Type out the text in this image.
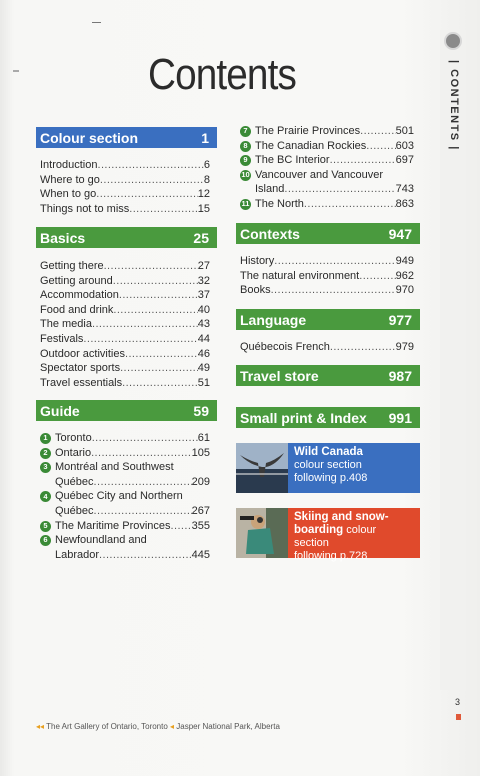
| CONTENTS |
Contents
Colour section	1
Introduction .....	6
Where to go .....	8
When to go .....	12
Things not to miss .....	15
Basics	25
Getting there .....	27
Getting around .....	32
Accommodation .....	37
Food and drink .....	40
The media .....	43
Festivals .....	44
Outdoor activities .....	46
Spectator sports .....	49
Travel essentials .....	51
Guide	59
1 Toronto .....	61
2 Ontario .....	105
3 Montréal and Southwest
Québec .....	209
4 Québec City and Northern
Québec .....	267
5 The Maritime Provinces ..... 355
6 Newfoundland and
Labrador .....	445
7 The Prairie Provinces .....	501
8 The Canadian Rockies .....	603
9 The BC Interior .....	697
10 Vancouver and Vancouver
Island .....	743
11 The North .....	863
Contexts	947
History .....	949
The natural environment .....	962
Books .....	970
Language	977
Québecois French .....	979
Travel store	987
Small print & Index 991
Wild Canada
colour section
following p.408
Skiing and snow-
boarding colour section
following p.728
◂◂ The Art Gallery of Ontario, Toronto ◂ Jasper National Park, Alberta
3
